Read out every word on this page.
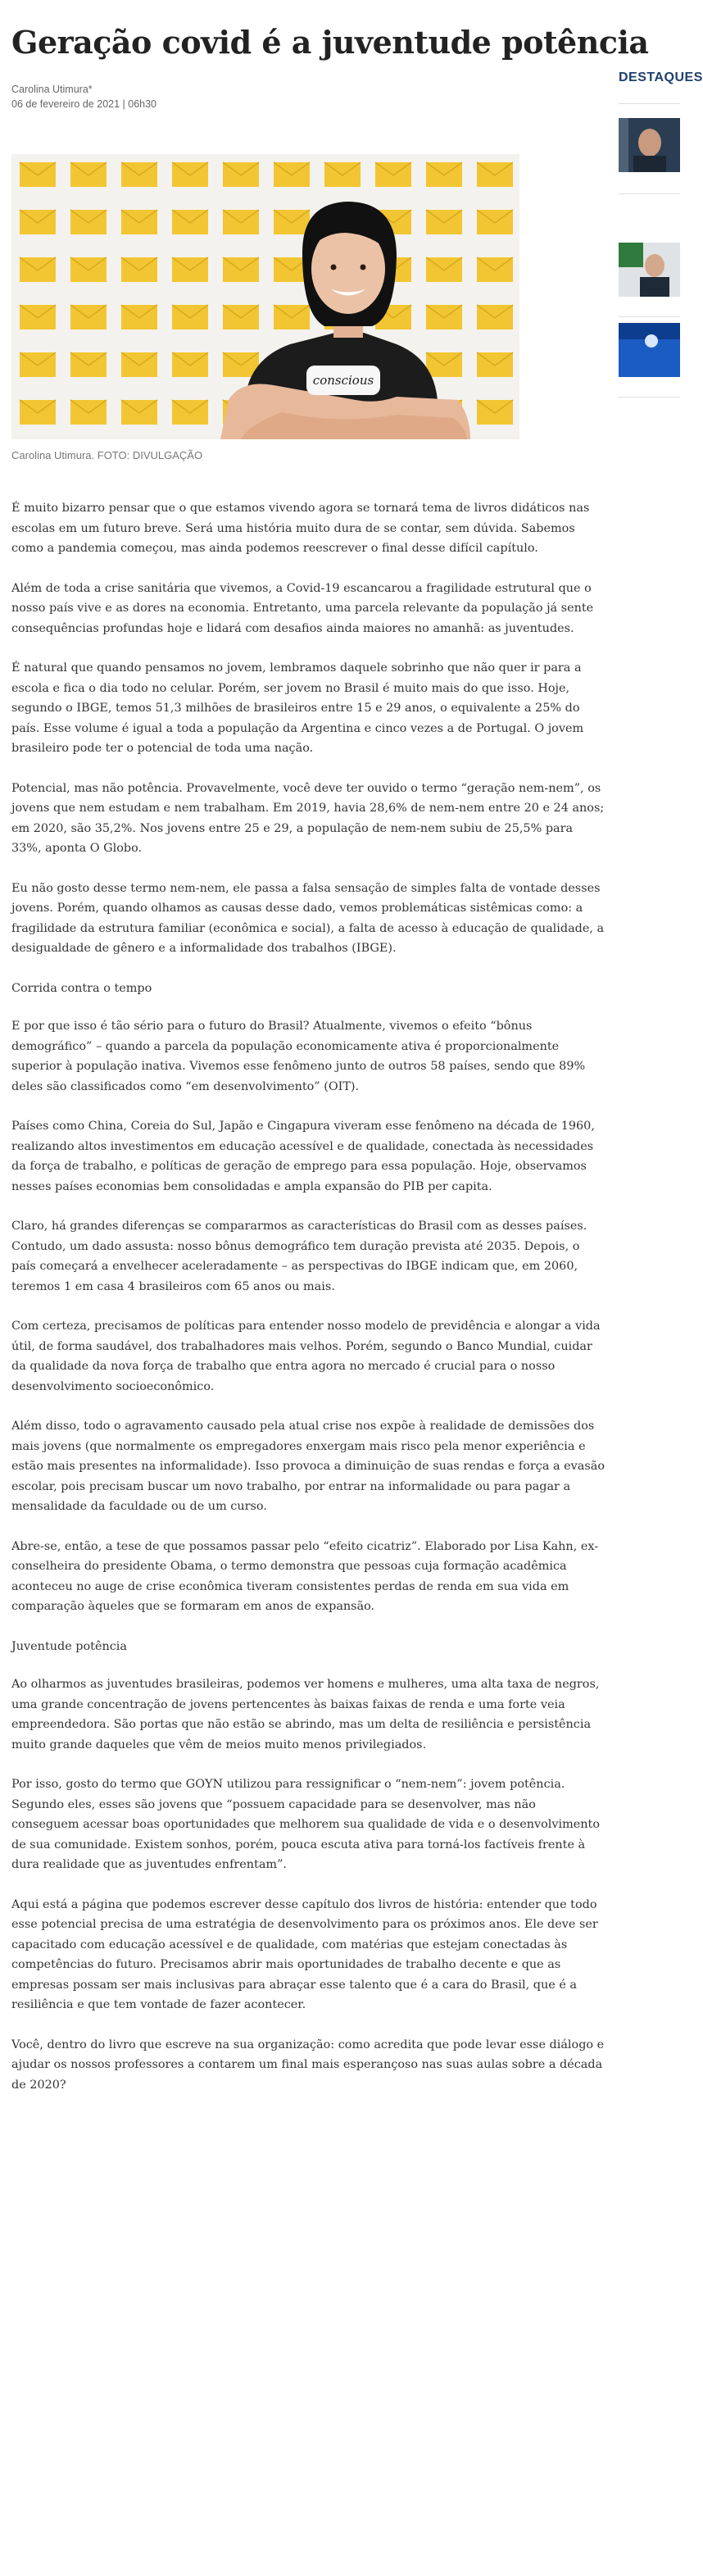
Geração covid é a juventude potência
Carolina Utimura*
06 de fevereiro de 2021 | 06h30
conscious
Carolina Utimura. FOTO: DIVULGAÇÃO

É muito bizarro pensar que o que estamos vivendo agora se tornará tema de livros didáticos nas escolas em um futuro breve. Será uma história muito dura de se contar, sem dúvida. Sabemos como a pandemia começou, mas ainda podemos reescrever o final desse difícil capítulo.

Além de toda a crise sanitária que vivemos, a Covid-19 escancarou a fragilidade estrutural que o nosso país vive e as dores na economia. Entretanto, uma parcela relevante da população já sente consequências profundas hoje e lidará com desafios ainda maiores no amanhã: as juventudes.

É natural que quando pensamos no jovem, lembramos daquele sobrinho que não quer ir para a escola e fica o dia todo no celular. Porém, ser jovem no Brasil é muito mais do que isso. Hoje, segundo o IBGE, temos 51,3 milhões de brasileiros entre 15 e 29 anos, o equivalente a 25% do país. Esse volume é igual a toda a população da Argentina e cinco vezes a de Portugal. O jovem brasileiro pode ter o potencial de toda uma nação.

Potencial, mas não potência. Provavelmente, você deve ter ouvido o termo “geração nem-nem”, os jovens que nem estudam e nem trabalham. Em 2019, havia 28,6% de nem-nem entre 20 e 24 anos; em 2020, são 35,2%. Nos jovens entre 25 e 29, a população de nem-nem subiu de 25,5% para 33%, aponta O Globo.

Eu não gosto desse termo nem-nem, ele passa a falsa sensação de simples falta de vontade desses jovens. Porém, quando olhamos as causas desse dado, vemos problemáticas sistêmicas como: a fragilidade da estrutura familiar (econômica e social), a falta de acesso à educação de qualidade, a desigualdade de gênero e a informalidade dos trabalhos (IBGE).

Corrida contra o tempo

E por que isso é tão sério para o futuro do Brasil? Atualmente, vivemos o efeito “bônus demográfico” – quando a parcela da população economicamente ativa é proporcionalmente superior à população inativa. Vivemos esse fenômeno junto de outros 58 países, sendo que 89% deles são classificados como “em desenvolvimento” (OIT).

Países como China, Coreia do Sul, Japão e Cingapura viveram esse fenômeno na década de 1960, realizando altos investimentos em educação acessível e de qualidade, conectada às necessidades da força de trabalho, e políticas de geração de emprego para essa população. Hoje, observamos nesses países economias bem consolidadas e ampla expansão do PIB per capita.

Claro, há grandes diferenças se compararmos as características do Brasil com as desses países. Contudo, um dado assusta: nosso bônus demográfico tem duração prevista até 2035. Depois, o país começará a envelhecer aceleradamente – as perspectivas do IBGE indicam que, em 2060, teremos 1 em casa 4 brasileiros com 65 anos ou mais.

Com certeza, precisamos de políticas para entender nosso modelo de previdência e alongar a vida útil, de forma saudável, dos trabalhadores mais velhos. Porém, segundo o Banco Mundial, cuidar da qualidade da nova força de trabalho que entra agora no mercado é crucial para o nosso desenvolvimento socioeconômico.

Além disso, todo o agravamento causado pela atual crise nos expõe à realidade de demissões dos mais jovens (que normalmente os empregadores enxergam mais risco pela menor experiência e estão mais presentes na informalidade). Isso provoca a diminuição de suas rendas e força a evasão escolar, pois precisam buscar um novo trabalho, por entrar na informalidade ou para pagar a mensalidade da faculdade ou de um curso.

Abre-se, então, a tese de que possamos passar pelo “efeito cicatriz”. Elaborado por Lisa Kahn, ex-conselheira do presidente Obama, o termo demonstra que pessoas cuja formação acadêmica aconteceu no auge de crise econômica tiveram consistentes perdas de renda em sua vida em comparação àqueles que se formaram em anos de expansão.

Juventude potência

Ao olharmos as juventudes brasileiras, podemos ver homens e mulheres, uma alta taxa de negros, uma grande concentração de jovens pertencentes às baixas faixas de renda e uma forte veia empreendedora. São portas que não estão se abrindo, mas um delta de resiliência e persistência muito grande daqueles que vêm de meios muito menos privilegiados.

Por isso, gosto do termo que GOYN utilizou para ressignificar o “nem-nem”: jovem potência. Segundo eles, esses são jovens que “possuem capacidade para se desenvolver, mas não conseguem acessar boas oportunidades que melhorem sua qualidade de vida e o desenvolvimento de sua comunidade. Existem sonhos, porém, pouca escuta ativa para torná-los factíveis frente à dura realidade que as juventudes enfrentam”.

Aqui está a página que podemos escrever desse capítulo dos livros de história: entender que todo esse potencial precisa de uma estratégia de desenvolvimento para os próximos anos. Ele deve ser capacitado com educação acessível e de qualidade, com matérias que estejam conectadas às competências do futuro. Precisamos abrir mais oportunidades de trabalho decente e que as empresas possam ser mais inclusivas para abraçar esse talento que é a cara do Brasil, que é a resiliência e que tem vontade de fazer acontecer.

Você, dentro do livro que escreve na sua organização: como acredita que pode levar esse diálogo e ajudar os nossos professores a contarem um final mais esperançoso nas suas aulas sobre a década de 2020?

DESTAQUES
